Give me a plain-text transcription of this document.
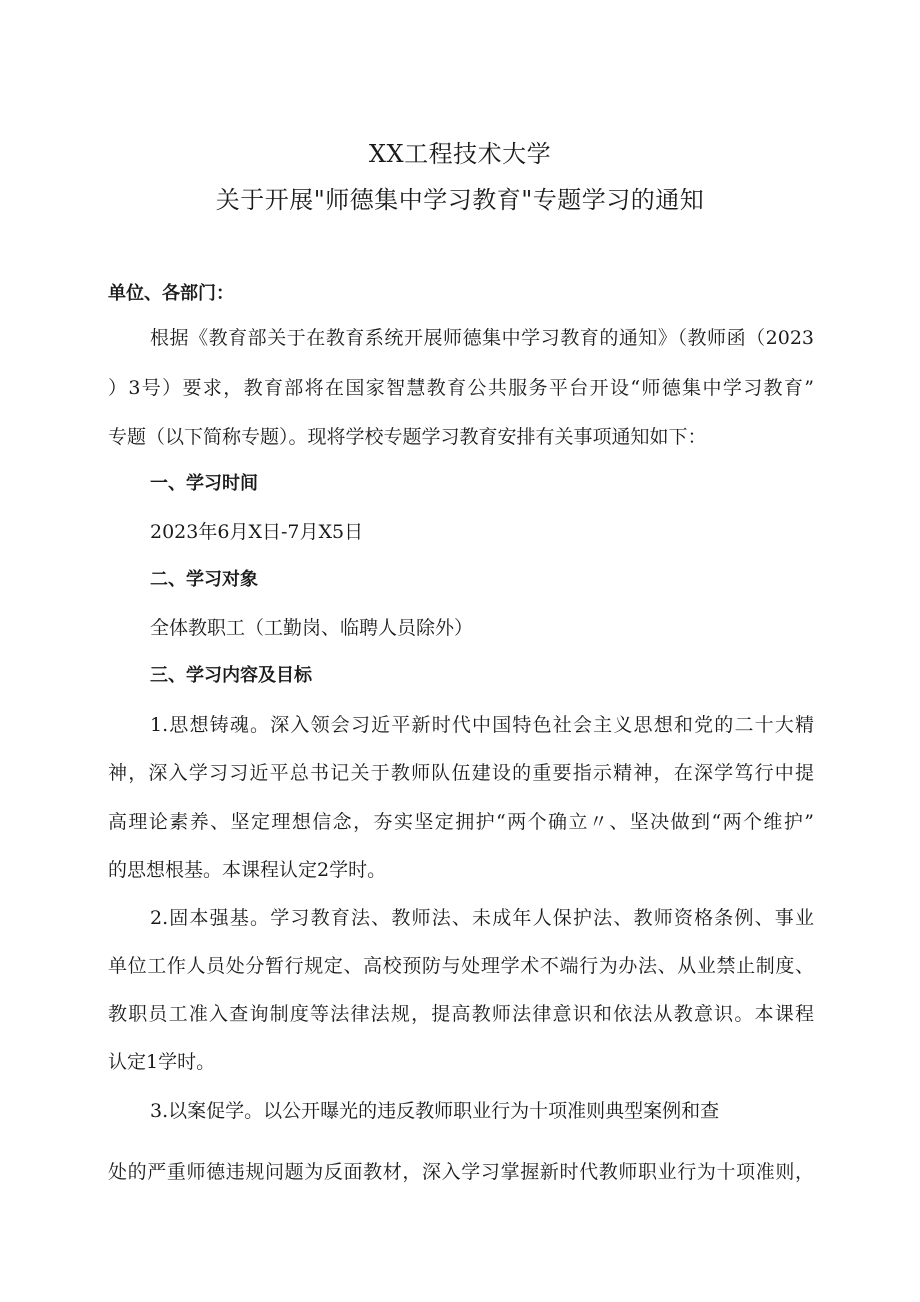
XX工程技术大学
关于开展"师德集中学习教育"专题学习的通知
单位、各部门：
根据《教育部关于在教育系统开展师德集中学习教育的通知》（教师函（2023
）3号）要求，教育部将在国家智慧教育公共服务平台开设“师德集中学习教育”
专题（以下简称专题）。现将学校专题学习教育安排有关事项通知如下：
一、学习时间
2023年6月X日-7月X5日
二、学习对象
全体教职工（工勤岗、临聘人员除外）
三、学习内容及目标
1.思想铸魂。深入领会习近平新时代中国特色社会主义思想和党的二十大精
神，深入学习习近平总书记关于教师队伍建设的重要指示精神，在深学笃行中提
高理论素养、坚定理想信念，夯实坚定拥护“两个确立〃、坚决做到“两个维护”
的思想根基。本课程认定2学时。
2.固本强基。学习教育法、教师法、未成年人保护法、教师资格条例、事业
单位工作人员处分暂行规定、高校预防与处理学术不端行为办法、从业禁止制度、
教职员工准入查询制度等法律法规，提高教师法律意识和依法从教意识。本课程
认定1学时。
3.以案促学。以公开曝光的违反教师职业行为十项准则典型案例和查
处的严重师德违规问题为反面教材，深入学习掌握新时代教师职业行为十项准则，
